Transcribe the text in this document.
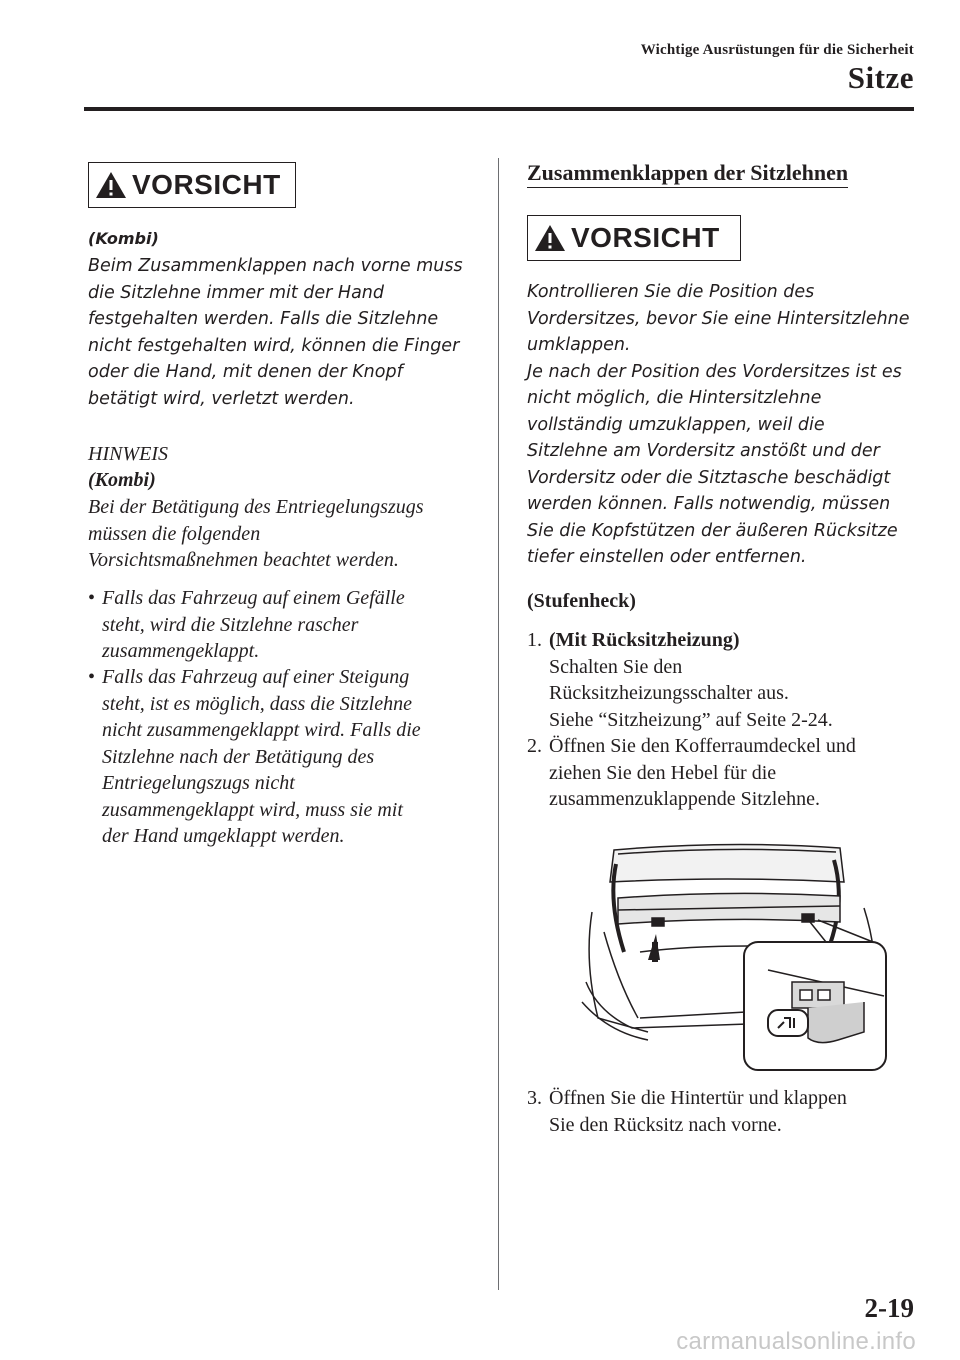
Wichtige Ausrüstungen für die Sicherheit
Sitze
VORSICHT
(Kombi)
Beim Zusammenklappen nach vorne muss
die Sitzlehne immer mit der Hand
festgehalten werden. Falls die Sitzlehne
nicht festgehalten wird, können die Finger
oder die Hand, mit denen der Knopf
betätigt wird, verletzt werden.
HINWEIS
(Kombi)
Bei der Betätigung des Entriegelungszugs
müssen die folgenden
Vorsichtsmaßnehmen beachtet werden.
• Falls das Fahrzeug auf einem Gefälle
steht, wird die Sitzlehne rascher
zusammengeklappt.
• Falls das Fahrzeug auf einer Steigung
steht, ist es möglich, dass die Sitzlehne
nicht zusammengeklappt wird. Falls die
Sitzlehne nach der Betätigung des
Entriegelungszugs nicht
zusammengeklappt wird, muss sie mit
der Hand umgeklappt werden.
Zusammenklappen der Sitzlehnen
VORSICHT
Kontrollieren Sie die Position des
Vordersitzes, bevor Sie eine Hintersitzlehne
umklappen.
Je nach der Position des Vordersitzes ist es
nicht möglich, die Hintersitzlehne
vollständig umzuklappen, weil die
Sitzlehne am Vordersitz anstößt und der
Vordersitz oder die Sitztasche beschädigt
werden können. Falls notwendig, müssen
Sie die Kopfstützen der äußeren Rücksitze
tiefer einstellen oder entfernen.
(Stufenheck)
1. (Mit Rücksitzheizung)
Schalten Sie den
Rücksitzheizungsschalter aus.
Siehe “Sitzheizung” auf Seite 2-24.
2. Öffnen Sie den Kofferraumdeckel und
ziehen Sie den Hebel für die
zusammenzuklappende Sitzlehne.
3. Öffnen Sie die Hintertür und klappen
Sie den Rücksitz nach vorne.
2-19
carmanualsonline.info
